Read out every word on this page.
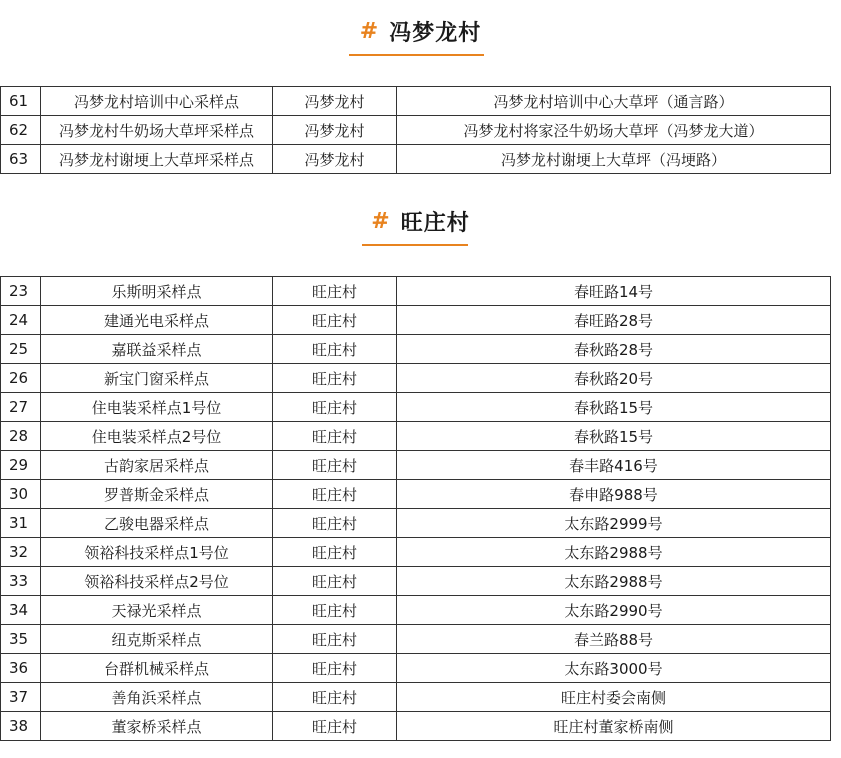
# 冯梦龙村
61	冯梦龙村培训中心采样点	冯梦龙村	冯梦龙村培训中心大草坪（通言路）
62	冯梦龙村牛奶场大草坪采样点	冯梦龙村	冯梦龙村将家泾牛奶场大草坪（冯梦龙大道）
63	冯梦龙村谢埂上大草坪采样点	冯梦龙村	冯梦龙村谢埂上大草坪（冯埂路）
# 旺庄村
23	乐斯明采样点	旺庄村	春旺路14号
24	建通光电采样点	旺庄村	春旺路28号
25	嘉联益采样点	旺庄村	春秋路28号
26	新宝门窗采样点	旺庄村	春秋路20号
27	住电装采样点1号位	旺庄村	春秋路15号
28	住电装采样点2号位	旺庄村	春秋路15号
29	古韵家居采样点	旺庄村	春丰路416号
30	罗普斯金采样点	旺庄村	春申路988号
31	乙骏电器采样点	旺庄村	太东路2999号
32	领裕科技采样点1号位	旺庄村	太东路2988号
33	领裕科技采样点2号位	旺庄村	太东路2988号
34	天禄光采样点	旺庄村	太东路2990号
35	纽克斯采样点	旺庄村	春兰路88号
36	台群机械采样点	旺庄村	太东路3000号
37	善角浜采样点	旺庄村	旺庄村委会南侧
38	董家桥采样点	旺庄村	旺庄村董家桥南侧
